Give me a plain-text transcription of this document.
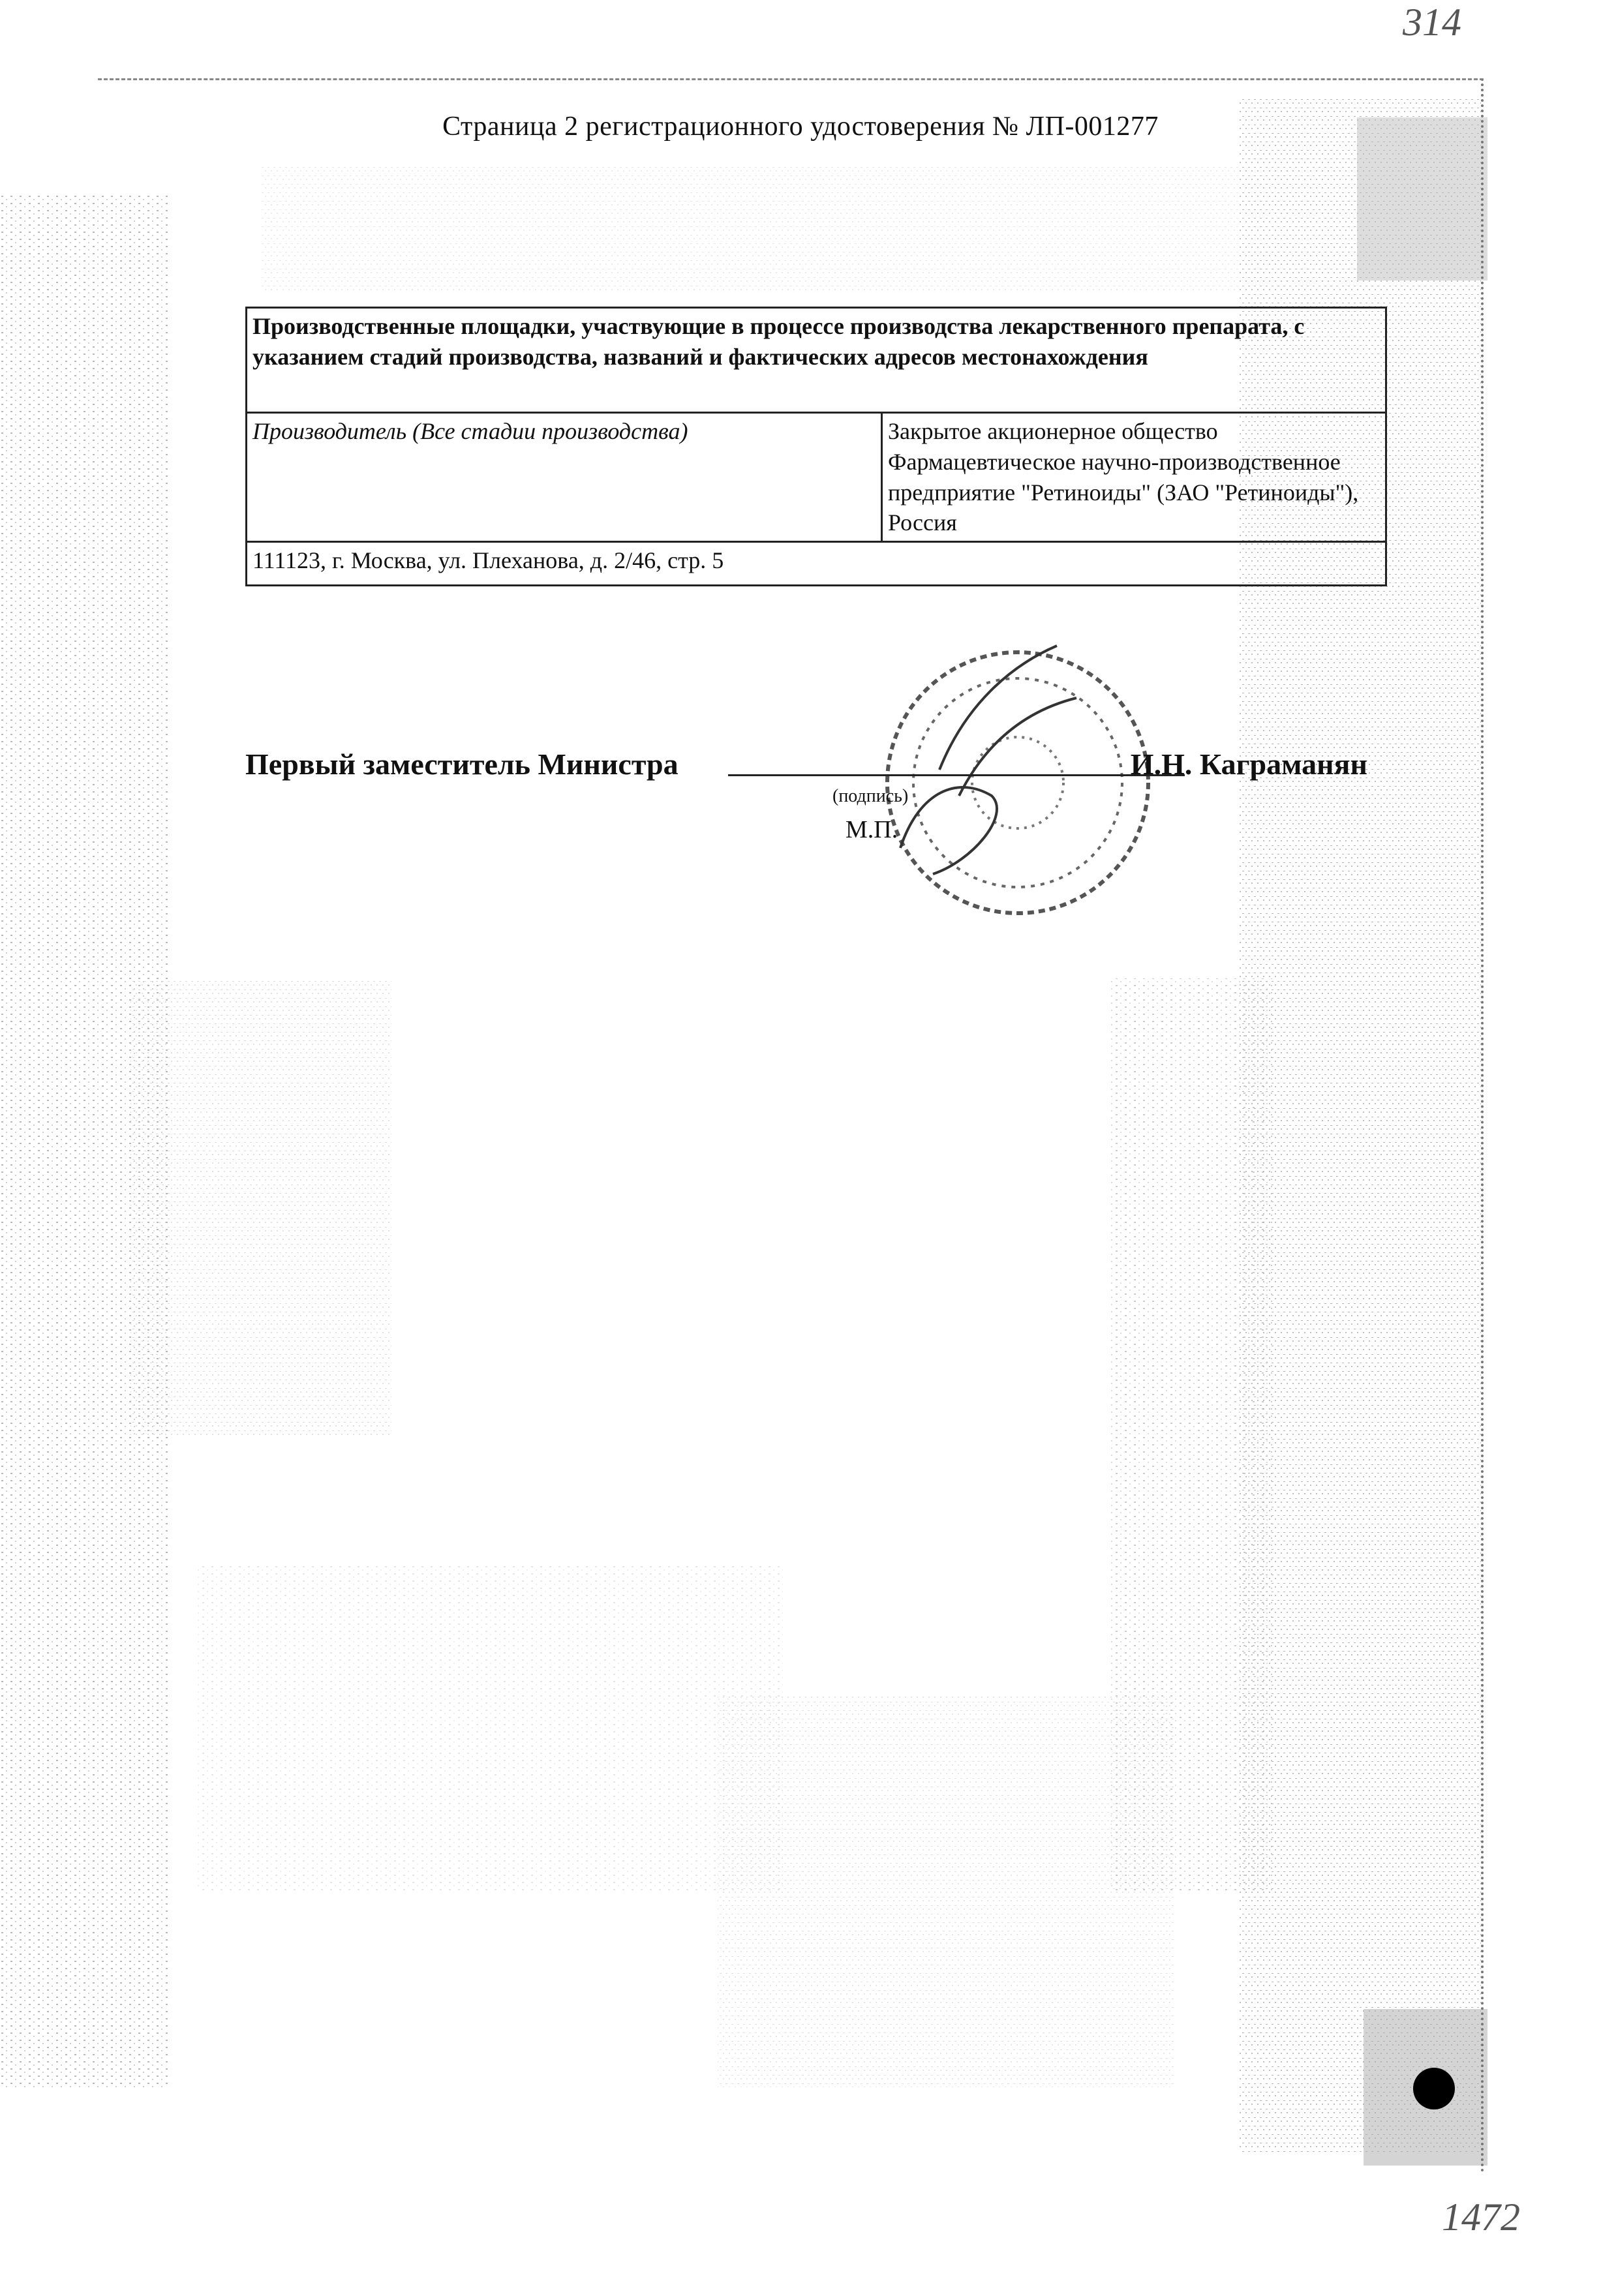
314
Страница 2 регистрационного удостоверения № ЛП-001277
Производственные площадки, участвующие в процессе производства лекарственного препарата, с указанием стадий производства, названий и фактических адресов местонахождения
Производитель (Все стадии производства)	Закрытое акционерное общество Фармацевтическое научно-производственное предприятие "Ретиноиды" (ЗАО "Ретиноиды"), Россия
111123, г. Москва, ул. Плеханова, д. 2/46, стр. 5
Первый заместитель Министра
(подпись)
М.П.
И.Н. Каграманян
1472
